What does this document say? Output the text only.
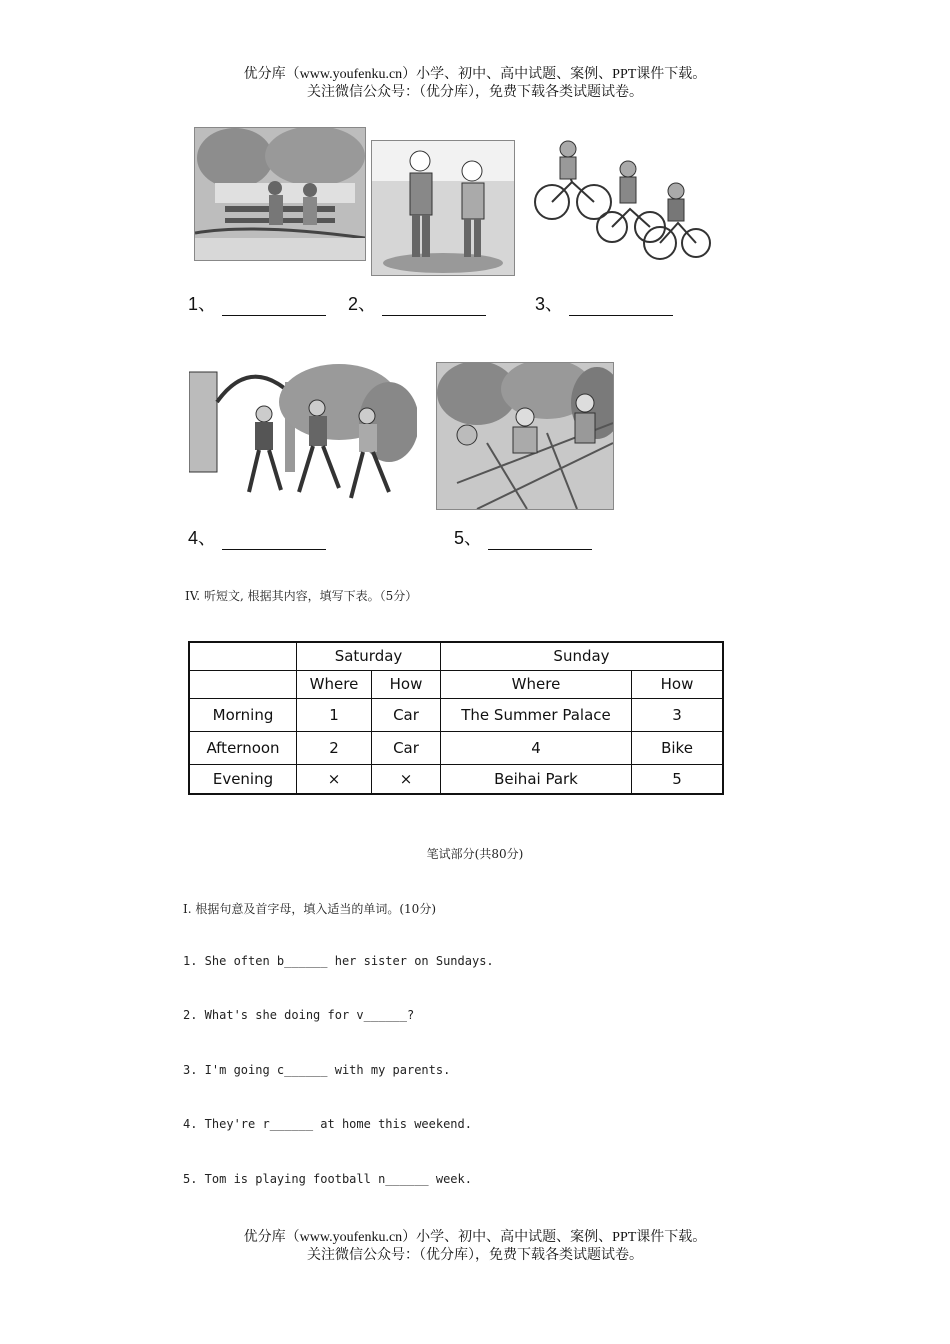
优分库（www.youfenku.cn）小学、初中、高中试题、案例、PPT课件下载。
关注微信公众号：（优分库），免费下载各类试题试卷。
1、	2、	3、
4、	5、
IV. 听短文, 根据其内容，填写下表。（5分）
	Saturday		Sunday	
	Where	How	Where	How
Morning	1	Car	The Summer Palace	3
Afternoon	2	Car	4	Bike
Evening	×	×	Beihai Park	5
笔试部分(共80分)
I. 根据句意及首字母，填入适当的单词。(10分)
1. She often b______ her sister on Sundays.
2. What's she doing for v______?
3. I'm going c______ with my parents.
4. They're r______ at home this weekend.
5. Tom is playing football n______ week.
优分库（www.youfenku.cn）小学、初中、高中试题、案例、PPT课件下载。
关注微信公众号：（优分库），免费下载各类试题试卷。
